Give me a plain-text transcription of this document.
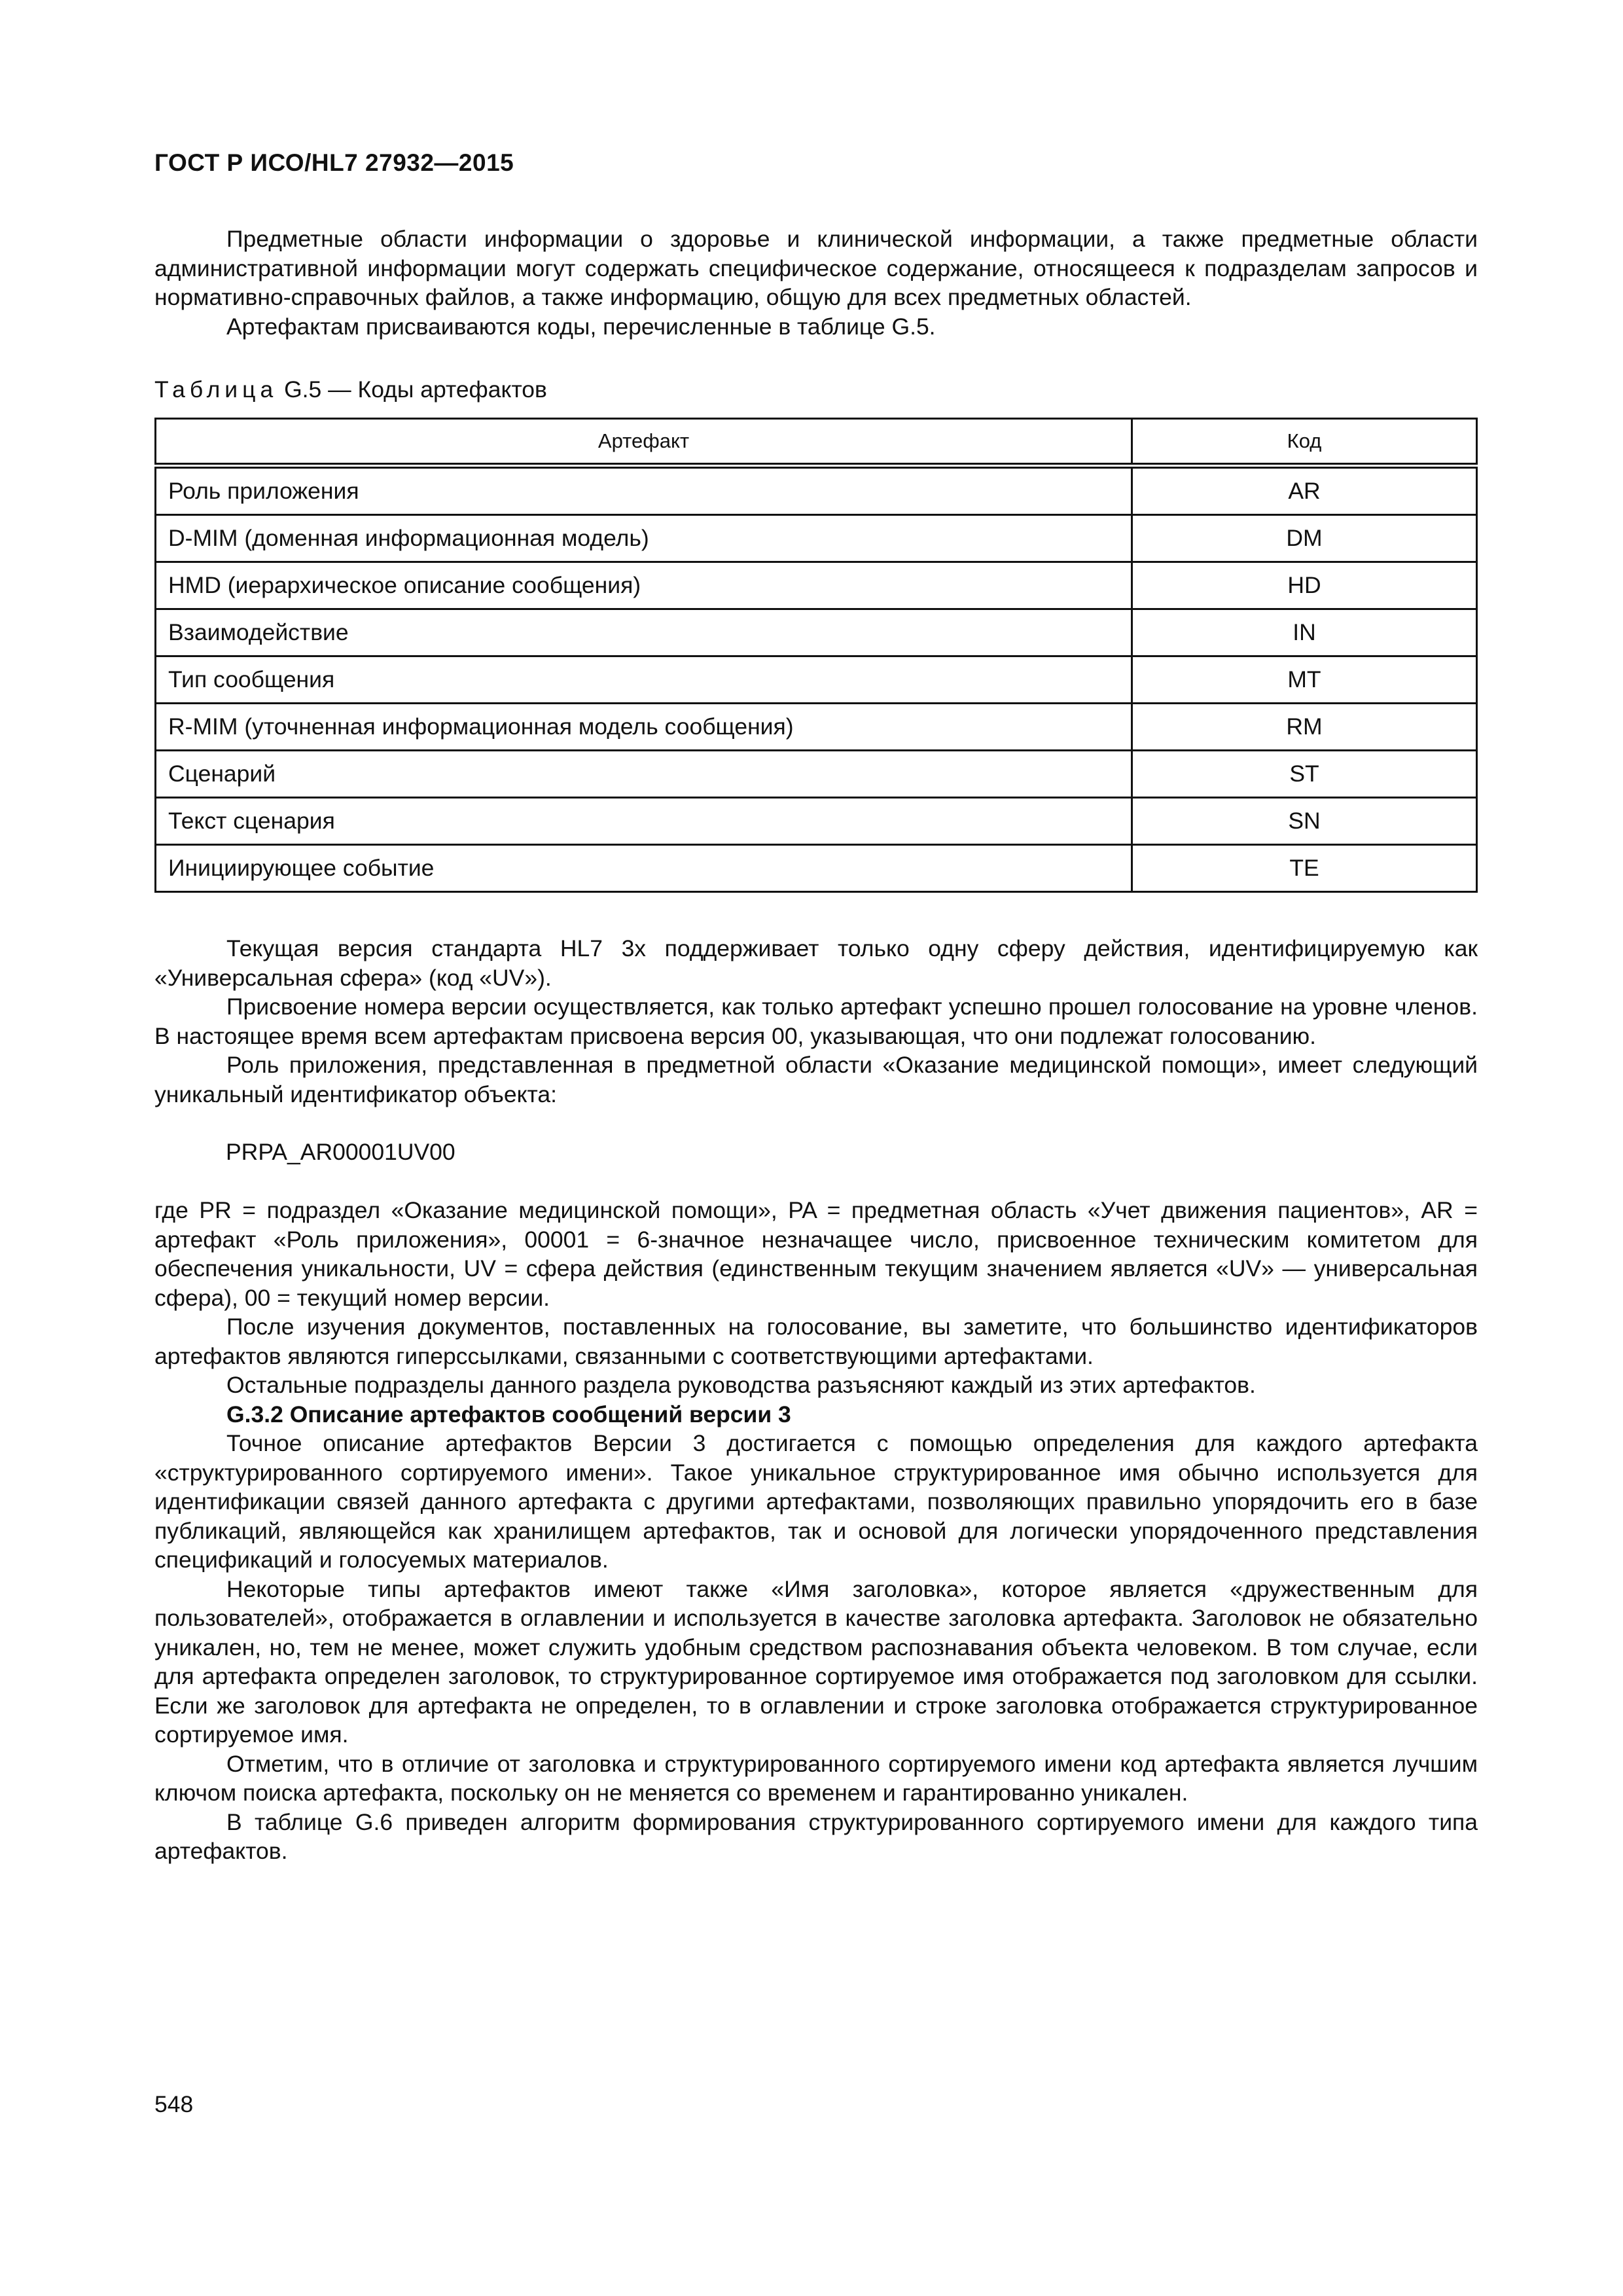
ГОСТ Р ИСО/HL7 27932—2015

Предметные области информации о здоровье и клинической информации, а также предметные области административной информации могут содержать специфическое содержание, относящееся к подразделам запросов и нормативно-справочных файлов, а также информацию, общую для всех предметных областей.

Артефактам присваиваются коды, перечисленные в таблице G.5.

Таблица G.5 — Коды артефактов
Артефакт	Код
Роль приложения	AR
D-MIM (доменная информационная модель)	DM
HMD (иерархическое описание сообщения)	HD
Взаимодействие	IN
Тип сообщения	MT
R-MIM (уточненная информационная модель сообщения)	RM
Сценарий	ST
Текст сценария	SN
Инициирующее событие	TE

Текущая версия стандарта HL7 3х поддерживает только одну сферу действия, идентифицируемую как «Универсальная сфера» (код «UV»).

Присвоение номера версии осуществляется, как только артефакт успешно прошел голосование на уровне членов. В настоящее время всем артефактам присвоена версия 00, указывающая, что они подлежат голосованию.

Роль приложения, представленная в предметной области «Оказание медицинской помощи», имеет следующий уникальный идентификатор объекта:

PRPA_AR00001UV00

где PR = подраздел «Оказание медицинской помощи», PA = предметная область «Учет движения пациентов», AR = артефакт «Роль приложения», 00001 = 6-значное незначащее число, присвоенное техническим комитетом для обеспечения уникальности, UV = сфера действия (единственным текущим значением является «UV» — универсальная сфера), 00 = текущий номер версии.

После изучения документов, поставленных на голосование, вы заметите, что большинство идентификаторов артефактов являются гиперссылками, связанными с соответствующими артефактами.

Остальные подразделы данного раздела руководства разъясняют каждый из этих артефактов.

G.3.2 Описание артефактов сообщений версии 3

Точное описание артефактов Версии 3 достигается с помощью определения для каждого артефакта «структурированного сортируемого имени». Такое уникальное структурированное имя обычно используется для идентификации связей данного артефакта с другими артефактами, позволяющих правильно упорядочить его в базе публикаций, являющейся как хранилищем артефактов, так и основой для логически упорядоченного представления спецификаций и голосуемых материалов.

Некоторые типы артефактов имеют также «Имя заголовка», которое является «дружественным для пользователей», отображается в оглавлении и используется в качестве заголовка артефакта. Заголовок не обязательно уникален, но, тем не менее, может служить удобным средством распознавания объекта человеком. В том случае, если для артефакта определен заголовок, то структурированное сортируемое имя отображается под заголовком для ссылки. Если же заголовок для артефакта не определен, то в оглавлении и строке заголовка отображается структурированное сортируемое имя.

Отметим, что в отличие от заголовка и структурированного сортируемого имени код артефакта является лучшим ключом поиска артефакта, поскольку он не меняется со временем и гарантированно уникален.

В таблице G.6 приведен алгоритм формирования структурированного сортируемого имени для каждого типа артефактов.

548
